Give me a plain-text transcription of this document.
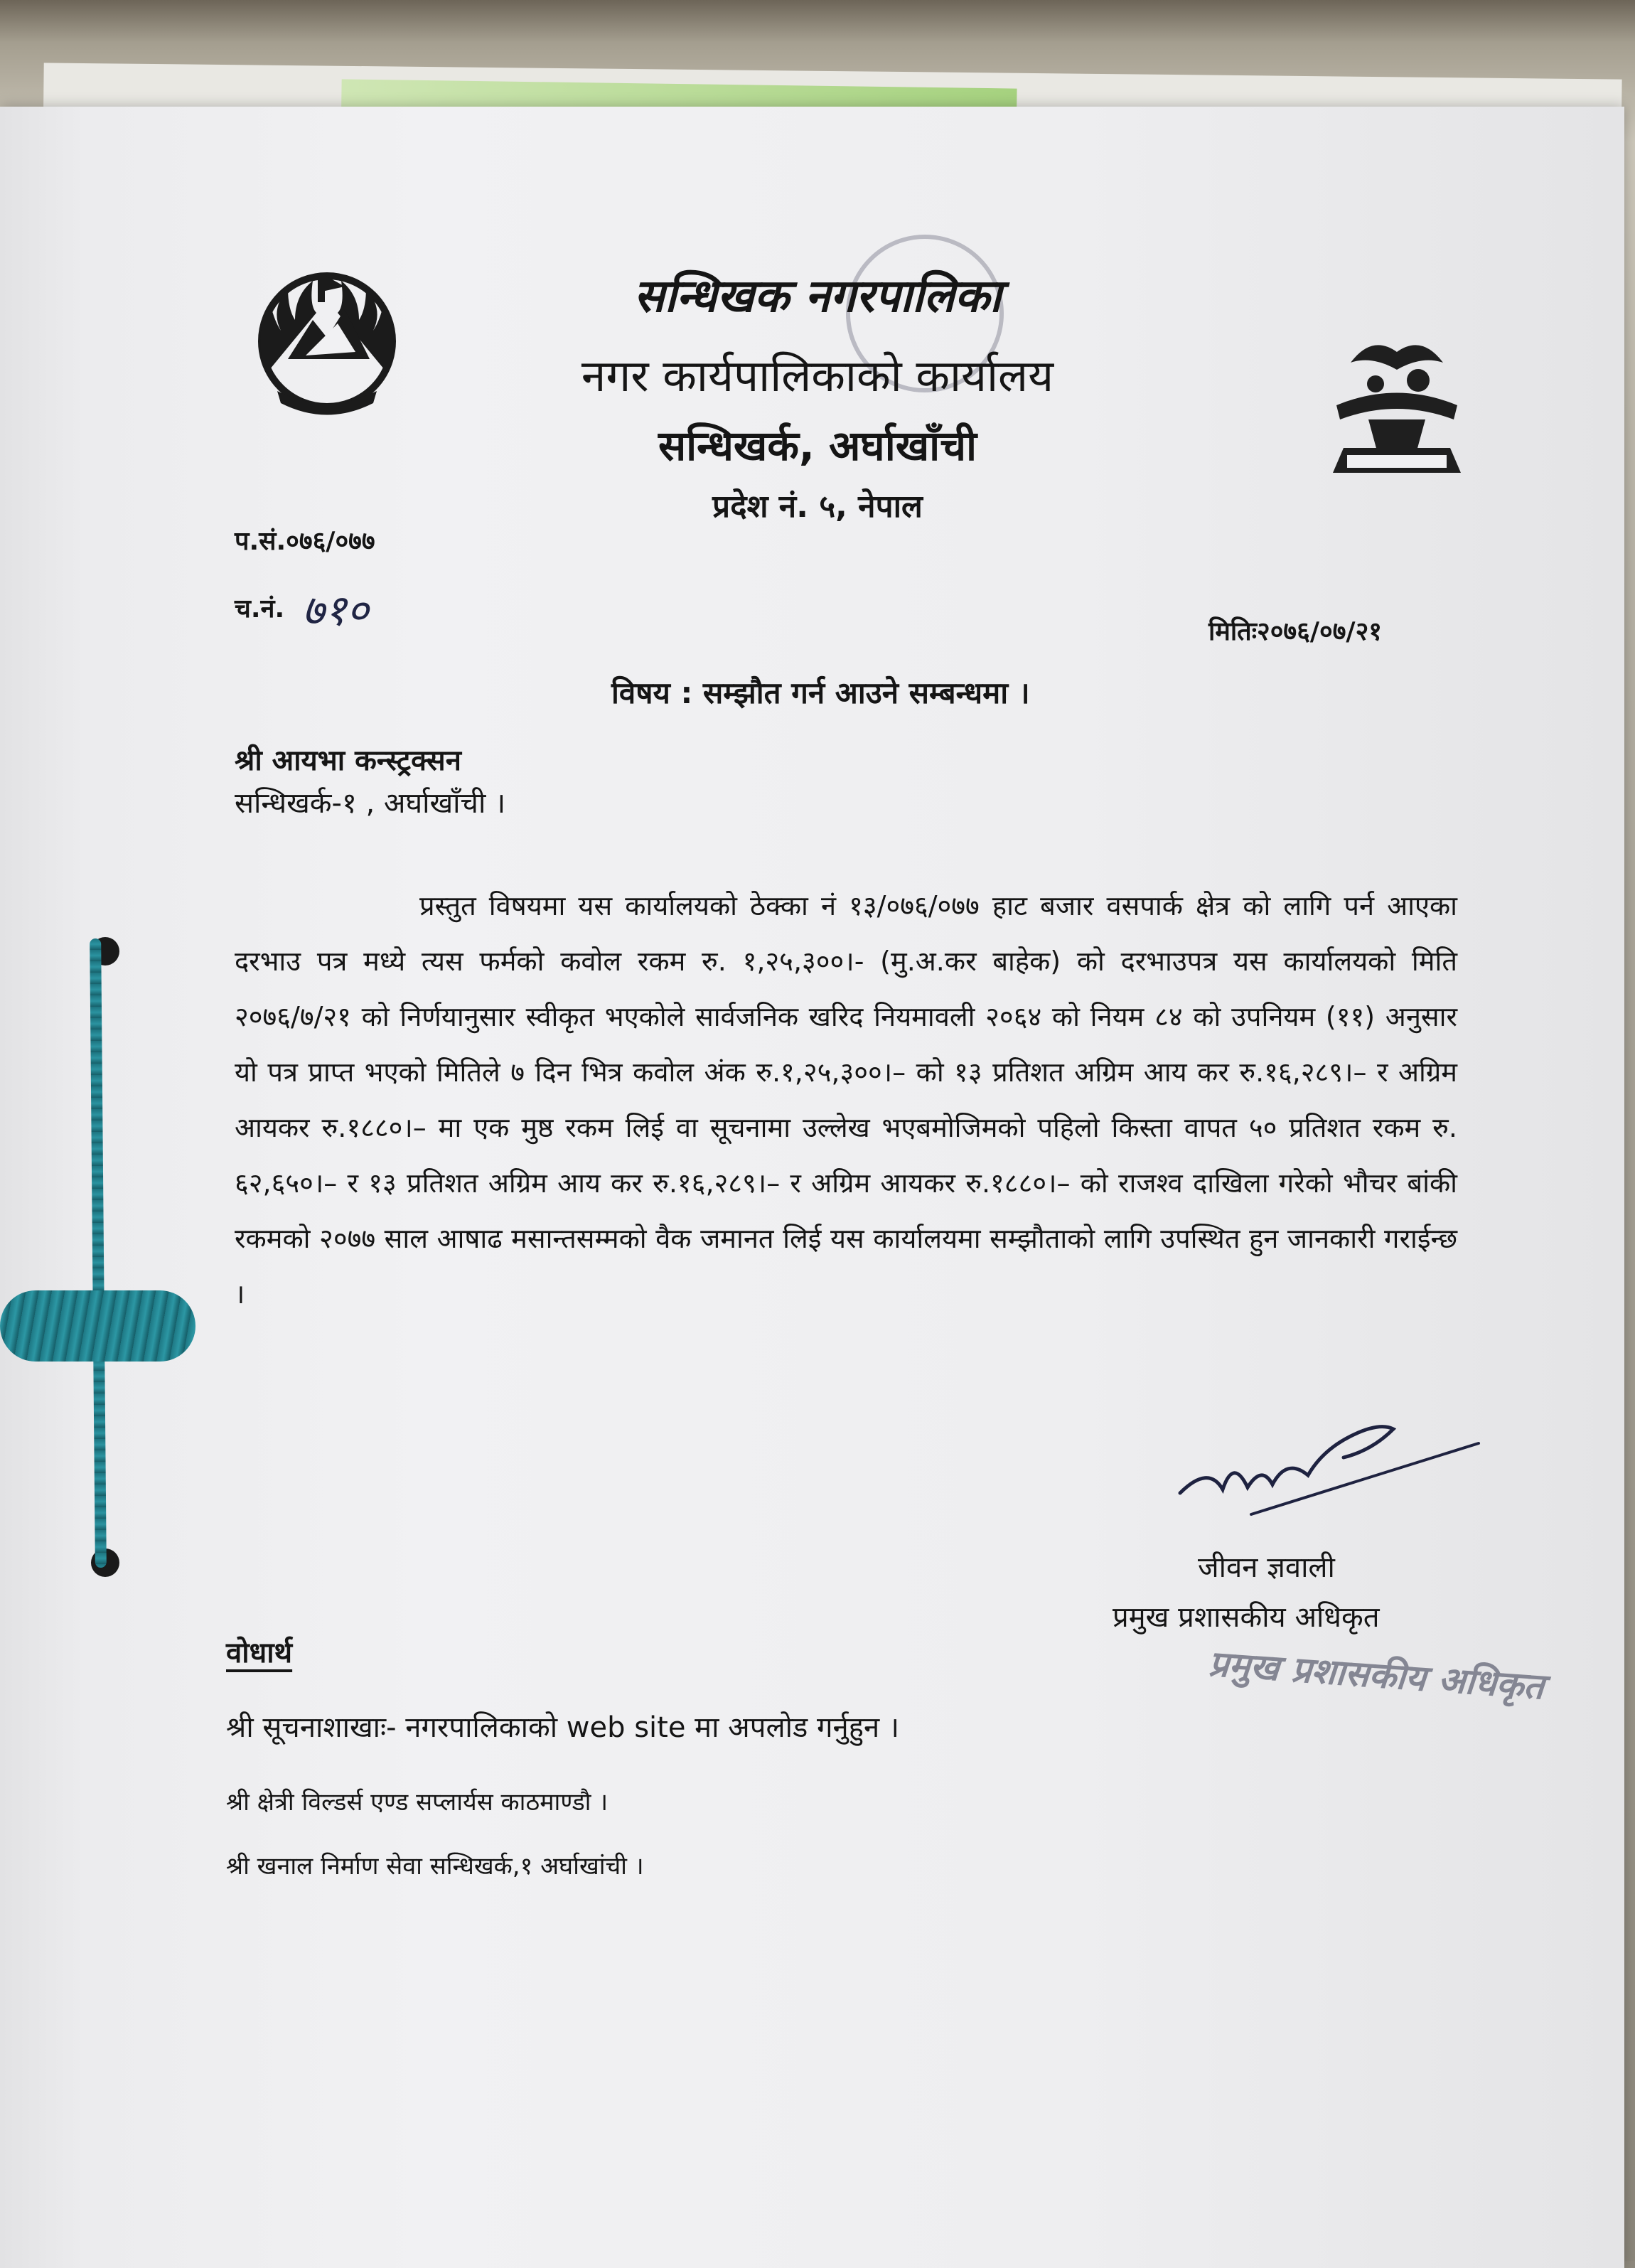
सन्धिखक नगरपालिका
नगर कार्यपालिकाको कार्यालय
सन्धिखर्क, अर्घाखाँची
प्रदेश नं. ५, नेपाल
प.सं.०७६/०७७
च.नं. ७१०	मितिः२०७६/०७/२१
विषय : सम्झौत गर्न आउने सम्बन्धमा ।
श्री आयभा कन्स्ट्रक्सन
सन्धिखर्क-१ , अर्घाखाँची ।
प्रस्तुत विषयमा यस कार्यालयको ठेक्का नं १३/०७६/०७७ हाट बजार वसपार्क क्षेत्र को लागि पर्न आएका दरभाउ पत्र मध्ये त्यस फर्मको कवोल रकम रु. १,२५,३००।- (मु.अ.कर बाहेक) को दरभाउपत्र यस कार्यालयको मिति २०७६/७/२१ को निर्णयानुसार स्वीकृत भएकोले सार्वजनिक खरिद नियमावली २०६४ को नियम ८४ को उपनियम (११) अनुसार यो पत्र प्राप्त भएको मितिले ७ दिन भित्र कवोल अंक रु.१,२५,३००।– को १३ प्रतिशत अग्रिम आय कर रु.१६,२८९।– र अग्रिम आयकर रु.१८८०।– मा एक मुष्ठ रकम लिई वा सूचनामा उल्लेख भएबमोजिमको पहिलो किस्ता वापत ५० प्रतिशत रकम रु. ६२,६५०।– र १३ प्रतिशत अग्रिम आय कर रु.१६,२८९।– र अग्रिम आयकर रु.१८८०।– को राजश्व दाखिला गरेको भौचर बांकी रकमको २०७७ साल आषाढ मसान्तसम्मको वैक जमानत लिई यस कार्यालयमा सम्झौताको लागि उपस्थित हुन जानकारी गराईन्छ ।
जीवन ज्ञवाली
प्रमुख प्रशासकीय अधिकृत
प्रमुख प्रशासकीय अधिकृत
वोधार्थ
श्री सूचनाशाखाः- नगरपालिकाको web site मा अपलोड गर्नुहुन ।
श्री क्षेत्री विल्डर्स एण्ड सप्लार्यस काठमाण्डौ ।
श्री खनाल निर्माण सेवा सन्धिखर्क,१ अर्घाखांची ।
